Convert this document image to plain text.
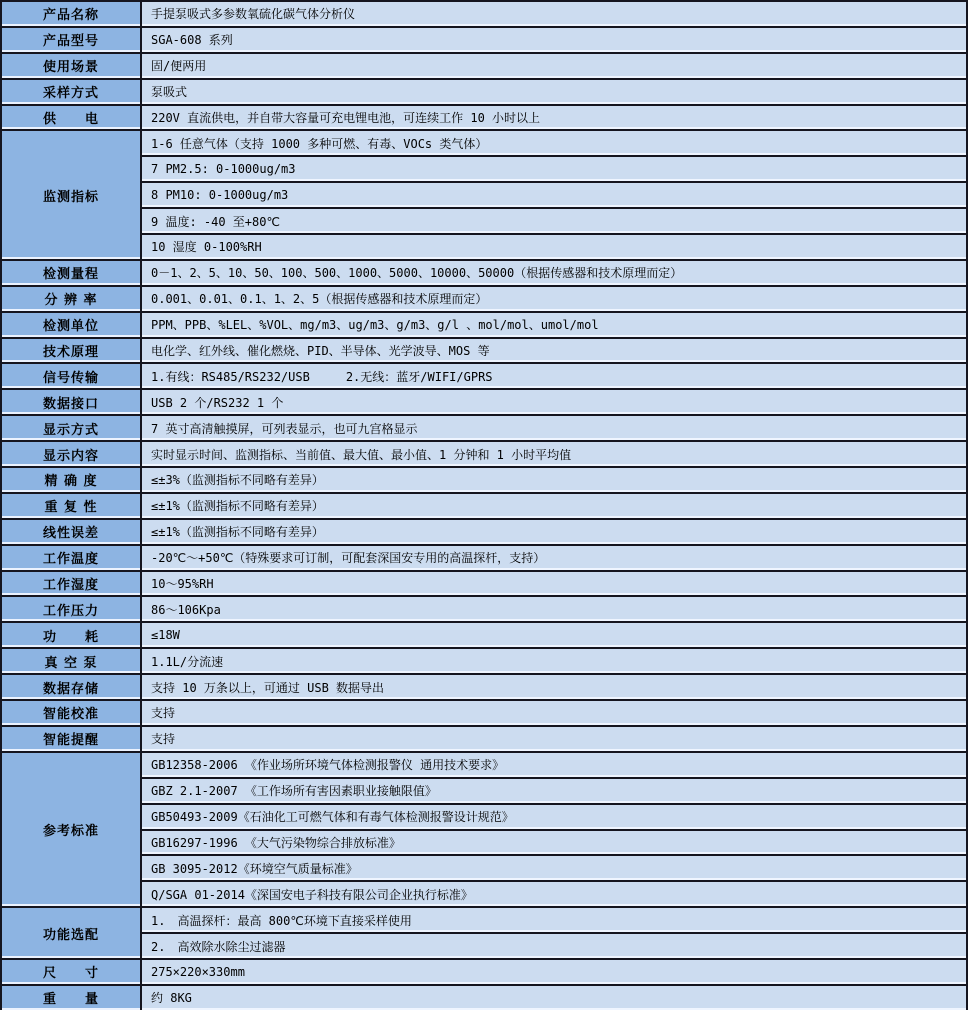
产品名称	手提泵吸式多参数氧硫化碳气体分析仪
产品型号	SGA-608 系列
使用场景	固/便两用
采样方式	泵吸式
供　　电	220V 直流供电，并自带大容量可充电锂电池，可连续工作 10 小时以上
监测指标	1-6 任意气体（支持 1000 多种可燃、有毒、VOCs 类气体）
	7 PM2.5: 0-1000ug/m3
	8 PM10: 0-1000ug/m3
	9 温度: -40 至+80℃
	10 湿度 0-100%RH
检测量程	0－1、2、5、10、50、100、500、1000、5000、10000、50000（根据传感器和技术原理而定）
分 辨 率	0.001、0.01、0.1、1、2、5（根据传感器和技术原理而定）
检测单位	PPM、PPB、%LEL、%VOL、mg/m3、ug/m3、g/m3、g/l 、mol/mol、umol/mol
技术原理	电化学、红外线、催化燃烧、PID、半导体、光学波导、MOS 等
信号传输	1.有线：RS485/RS232/USB　　　2.无线：蓝牙/WIFI/GPRS
数据接口	USB 2 个/RS232 1 个
显示方式	7 英寸高清触摸屏，可列表显示，也可九宫格显示
显示内容	实时显示时间、监测指标、当前值、最大值、最小值、1 分钟和 1 小时平均值
精 确 度	≤±3%（监测指标不同略有差异）
重 复 性	≤±1%（监测指标不同略有差异）
线性误差	≤±1%（监测指标不同略有差异）
工作温度	-20℃～+50℃（特殊要求可订制，可配套深国安专用的高温探杆，支持）
工作湿度	10～95%RH
工作压力	86～106Kpa
功　　耗	≤18W
真 空 泵	1.1L/分流速
数据存储	支持 10 万条以上，可通过 USB 数据导出
智能校准	支持
智能提醒	支持
参考标准	GB12358-2006 《作业场所环境气体检测报警仪 通用技术要求》
	GBZ 2.1-2007 《工作场所有害因素职业接触限值》
	GB50493-2009《石油化工可燃气体和有毒气体检测报警设计规范》
	GB16297-1996 《大气污染物综合排放标准》
	GB 3095-2012《环境空气质量标准》
	Q/SGA 01-2014《深国安电子科技有限公司企业执行标准》
功能选配	1.　高温探杆：最高 800℃环境下直接采样使用
	2.　高效除水除尘过滤器
尺　　寸	275×220×330mm
重　　量	约 8KG
